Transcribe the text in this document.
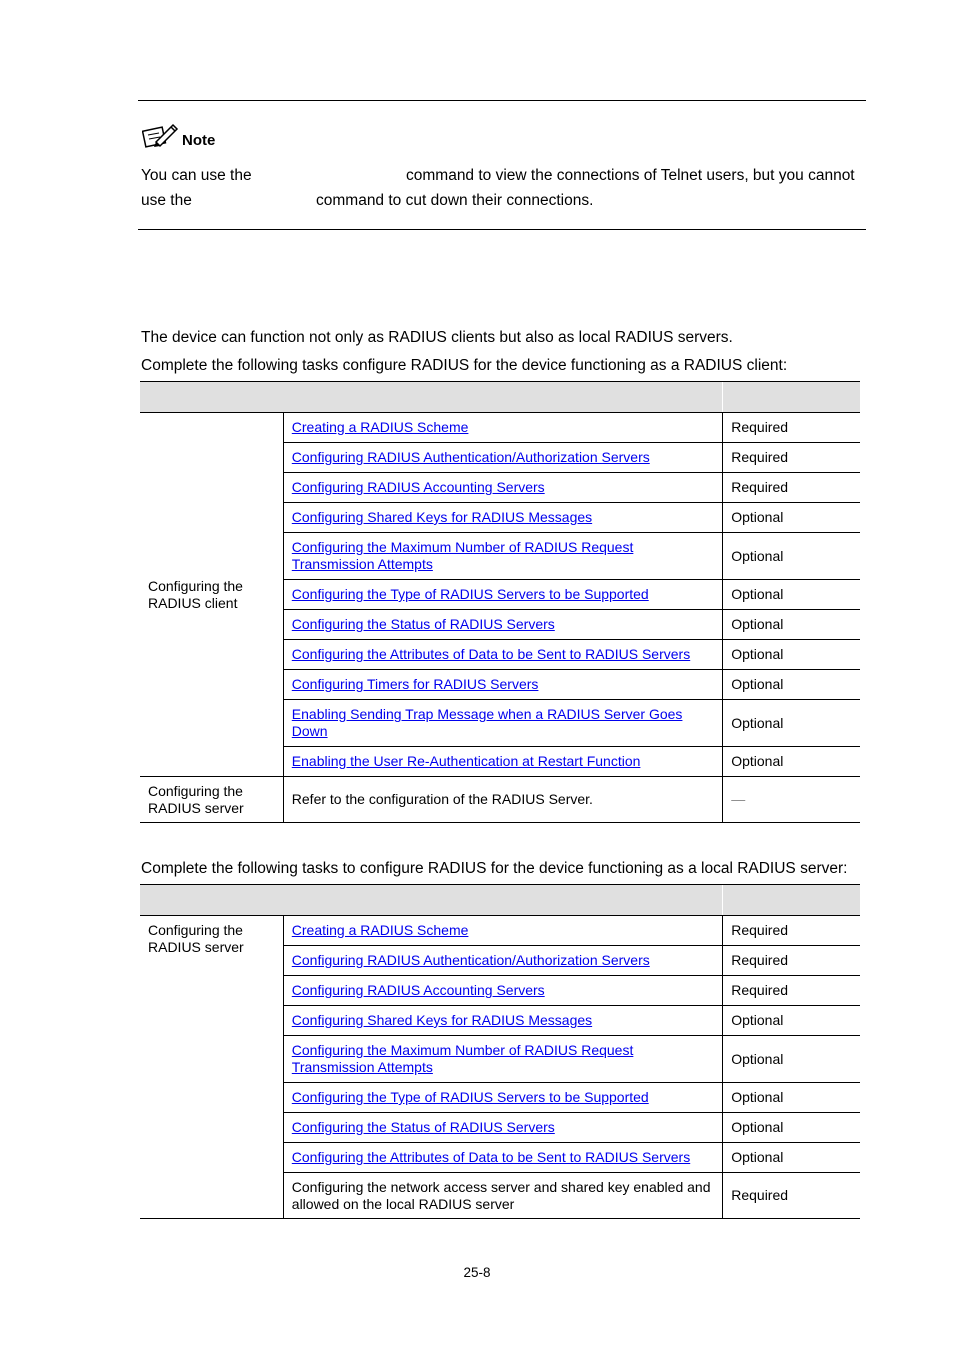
Note
You can use the	command to view the connections of Telnet users, but you cannot
use the	command to cut down their connections.
The device can function not only as RADIUS clients but also as local RADIUS servers.
Complete the following tasks configure RADIUS for the device functioning as a RADIUS client:

Configuring the RADIUS client	Creating a RADIUS Scheme	Required
	Configuring RADIUS Authentication/Authorization Servers	Required
	Configuring RADIUS Accounting Servers	Required
	Configuring Shared Keys for RADIUS Messages	Optional
	Configuring the Maximum Number of RADIUS Request Transmission Attempts	Optional
	Configuring the Type of RADIUS Servers to be Supported	Optional
	Configuring the Status of RADIUS Servers	Optional
	Configuring the Attributes of Data to be Sent to RADIUS Servers	Optional
	Configuring Timers for RADIUS Servers	Optional
	Enabling Sending Trap Message when a RADIUS Server Goes Down	Optional
	Enabling the User Re-Authentication at Restart Function	Optional
Configuring the RADIUS server	Refer to the configuration of the RADIUS Server.	—
Complete the following tasks to configure RADIUS for the device functioning as a local RADIUS server:

Configuring the RADIUS server	Creating a RADIUS Scheme	Required
	Configuring RADIUS Authentication/Authorization Servers	Required
	Configuring RADIUS Accounting Servers	Required
	Configuring Shared Keys for RADIUS Messages	Optional
	Configuring the Maximum Number of RADIUS Request Transmission Attempts	Optional
	Configuring the Type of RADIUS Servers to be Supported	Optional
	Configuring the Status of RADIUS Servers	Optional
	Configuring the Attributes of Data to be Sent to RADIUS Servers	Optional
	Configuring the network access server and shared key enabled and allowed on the local RADIUS server	Required
25-8
